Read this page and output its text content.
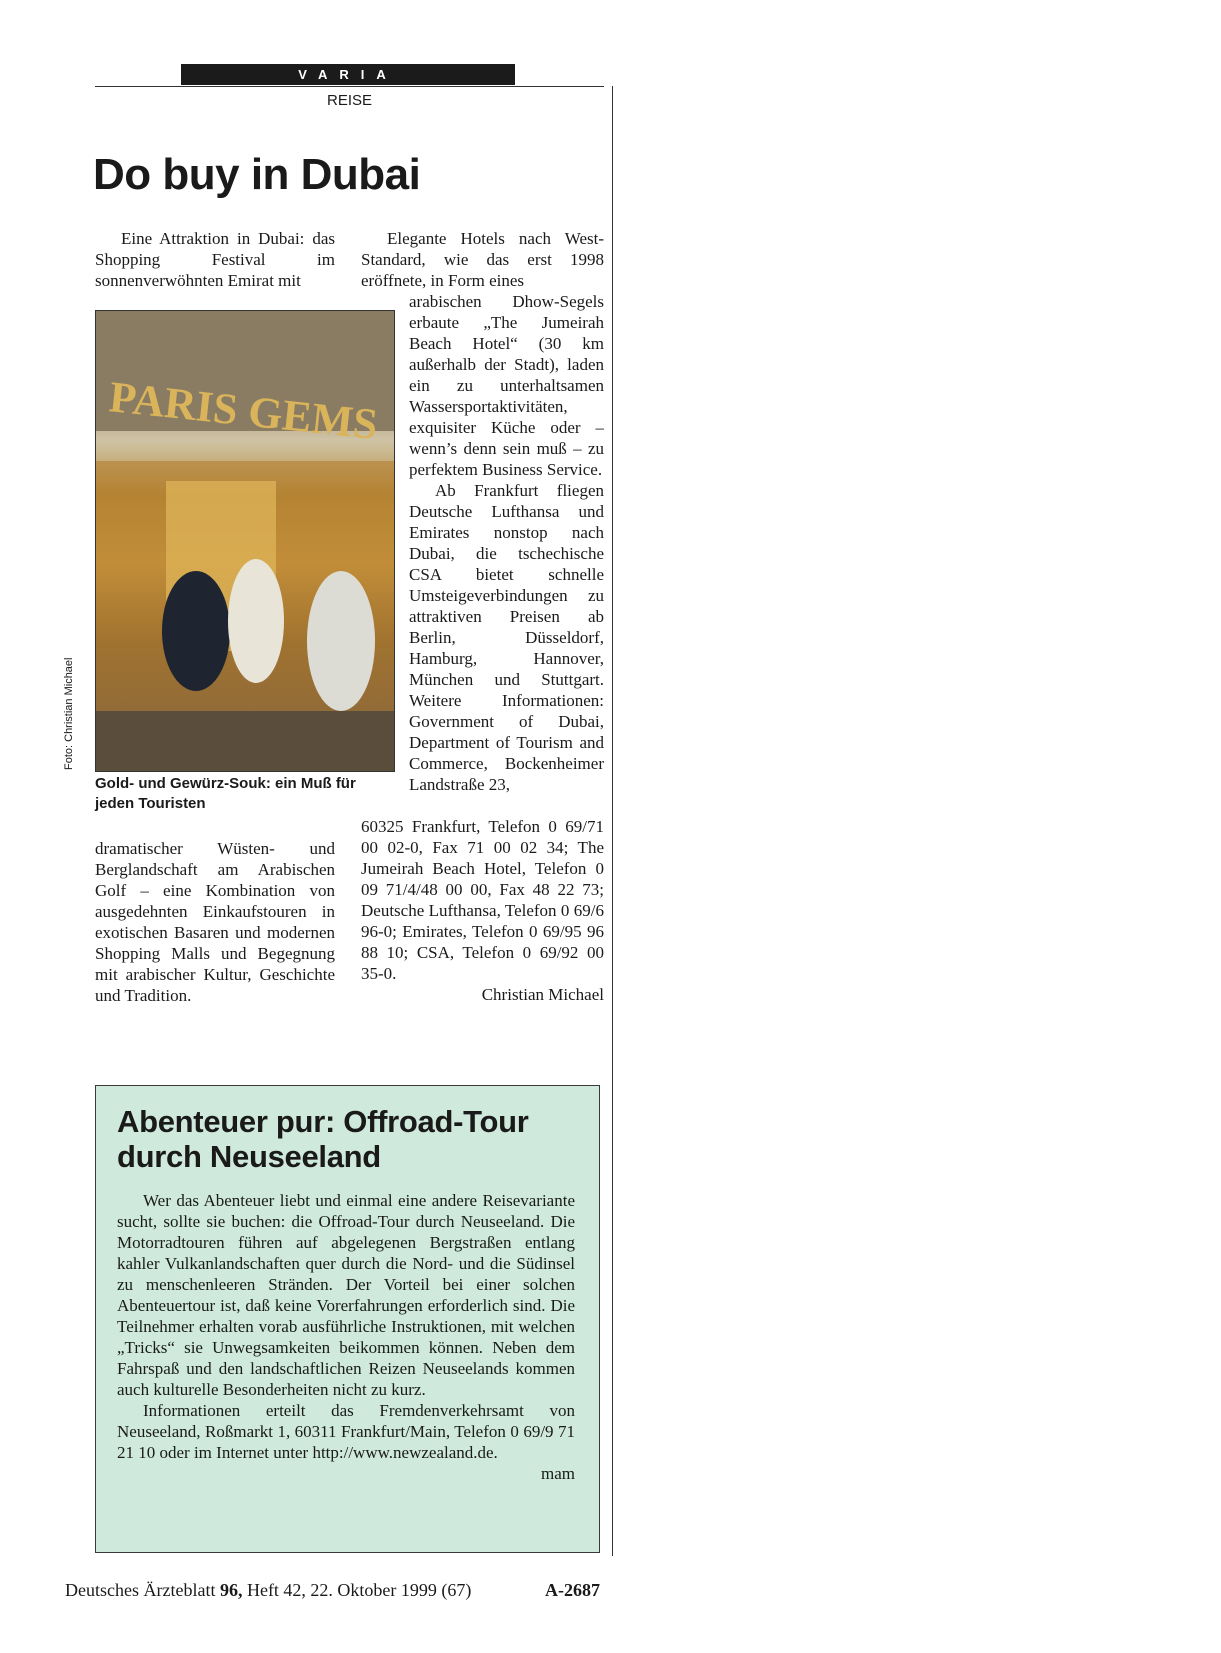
VARIA
REISE
Do buy in Dubai

Eine Attraktion in Dubai: das Shopping Festival im sonnenverwöhnten Emirat mit

PARIS GEMS
Foto: Christian Michael
Gold- und Gewürz-Souk: ein Muß für jeden Touristen

dramatischer Wüsten- und Berglandschaft am Arabischen Golf – eine Kombination von ausgedehnten Einkaufstouren in exotischen Basaren und modernen Shopping Malls und Begegnung mit arabischer Kultur, Geschichte und Tradition.

Elegante Hotels nach West-Standard, wie das erst 1998 eröffnete, in Form eines

arabischen Dhow-Segels erbaute „The Jumeirah Beach Hotel“ (30 km außerhalb der Stadt), laden ein zu unterhaltsamen Wassersportaktivitäten, exquisiter Küche oder – wenn’s denn sein muß – zu perfektem Business Service.

Ab Frankfurt fliegen Deutsche Lufthansa und Emirates nonstop nach Dubai, die tschechische CSA bietet schnelle Umsteigeverbindungen zu attraktiven Preisen ab Berlin, Düsseldorf, Hamburg, Hannover, München und Stuttgart. Weitere Informationen: Government of Dubai, Department of Tourism and Commerce, Bockenheimer Landstraße 23,

60325 Frankfurt, Telefon 0 69/71 00 02-0, Fax 71 00 02 34; The Jumeirah Beach Hotel, Telefon 0 09 71/4/48 00 00, Fax 48 22 73; Deutsche Lufthansa, Telefon 0 69/6 96-0; Emirates, Telefon 0 69/95 96 88 10; CSA, Telefon 0 69/92 00 35-0.

Christian Michael

Abenteuer pur: Offroad-Tour durch Neuseeland

Wer das Abenteuer liebt und einmal eine andere Reisevariante sucht, sollte sie buchen: die Offroad-Tour durch Neuseeland. Die Motorradtouren führen auf abgelegenen Bergstraßen entlang kahler Vulkanlandschaften quer durch die Nord- und die Südinsel zu menschenleeren Stränden. Der Vorteil bei einer solchen Abenteuertour ist, daß keine Vorerfahrungen erforderlich sind. Die Teilnehmer erhalten vorab ausführliche Instruktionen, mit welchen „Tricks“ sie Unwegsamkeiten beikommen können. Neben dem Fahrspaß und den landschaftlichen Reizen Neuseelands kommen auch kulturelle Besonderheiten nicht zu kurz.

Informationen erteilt das Fremdenverkehrsamt von Neuseeland, Roßmarkt 1, 60311 Frankfurt/Main, Telefon 0 69/9 71 21 10 oder im Internet unter http://www.newzealand.de.

mam

Deutsches Ärzteblatt 96, Heft 42, 22. Oktober 1999 (67)	A-2687
